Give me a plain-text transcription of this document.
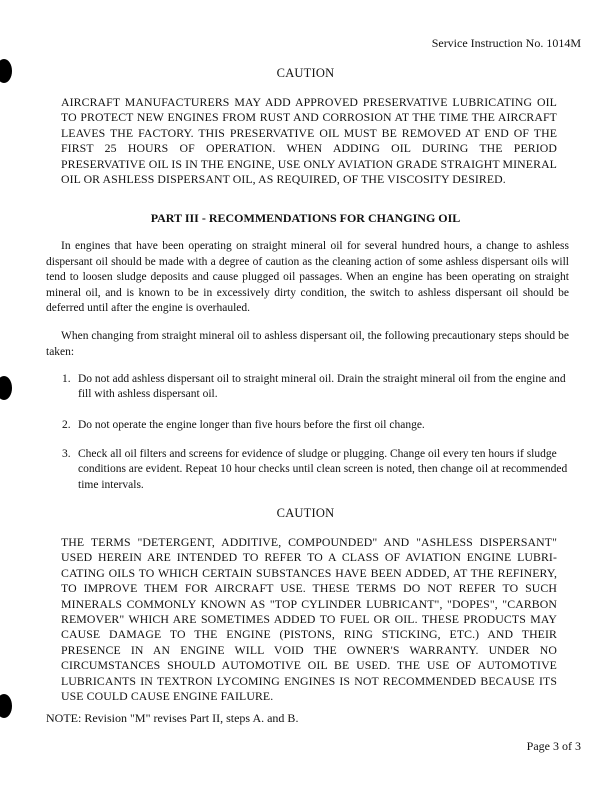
Service Instruction No. 1014M
CAUTION
AIRCRAFT MANUFACTURERS MAY ADD APPROVED PRESERVATIVE LUBRICATING OIL TO PROTECT NEW ENGINES FROM RUST AND CORROSION AT THE TIME THE AIRCRAFT LEAVES THE FACTORY. THIS PRESERVATIVE OIL MUST BE REMOVED AT END OF THE FIRST 25 HOURS OF OPERATION. WHEN ADDING OIL DURING THE PERIOD PRESERVATIVE OIL IS IN THE ENGINE, USE ONLY AVIATION GRADE STRAIGHT MINERAL OIL OR ASHLESS DISPERSANT OIL, AS REQUIRED, OF THE VISCOSITY DESIRED.
PART III - RECOMMENDATIONS FOR CHANGING OIL
In engines that have been operating on straight mineral oil for several hundred hours, a change to ashless dispersant oil should be made with a degree of caution as the cleaning action of some ashless dispersant oils will tend to loosen sludge deposits and cause plugged oil passages. When an engine has been operating on straight mineral oil, and is known to be in excessively dirty condition, the switch to ashless dispersant oil should be deferred until after the engine is overhauled.
When changing from straight mineral oil to ashless dispersant oil, the following precautionary steps should be taken:
1. Do not add ashless dispersant oil to straight mineral oil. Drain the straight mineral oil from the engine and fill with ashless dispersant oil.
2. Do not operate the engine longer than five hours before the first oil change.
3. Check all oil filters and screens for evidence of sludge or plugging. Change oil every ten hours if sludge conditions are evident. Repeat 10 hour checks until clean screen is noted, then change oil at recommended time intervals.
CAUTION
THE TERMS "DETERGENT, ADDITIVE, COMPOUNDED" AND "ASHLESS DISPERSANT" USED HEREIN ARE INTENDED TO REFER TO A CLASS OF AVIATION ENGINE LUBRI-CATING OILS TO WHICH CERTAIN SUBSTANCES HAVE BEEN ADDED, AT THE REFINERY, TO IMPROVE THEM FOR AIRCRAFT USE. THESE TERMS DO NOT REFER TO SUCH MINERALS COMMONLY KNOWN AS "TOP CYLINDER LUBRICANT", "DOPES", "CARBON REMOVER" WHICH ARE SOMETIMES ADDED TO FUEL OR OIL. THESE PRODUCTS MAY CAUSE DAMAGE TO THE ENGINE (PISTONS, RING STICKING, ETC.) AND THEIR PRESENCE IN AN ENGINE WILL VOID THE OWNER'S WARRANTY. UNDER NO CIRCUMSTANCES SHOULD AUTOMOTIVE OIL BE USED. THE USE OF AUTOMOTIVE LUBRICANTS IN TEXTRON LYCOMING ENGINES IS NOT RECOMMENDED BECAUSE ITS USE COULD CAUSE ENGINE FAILURE.
NOTE: Revision "M" revises Part II, steps A. and B.
Page 3 of 3
